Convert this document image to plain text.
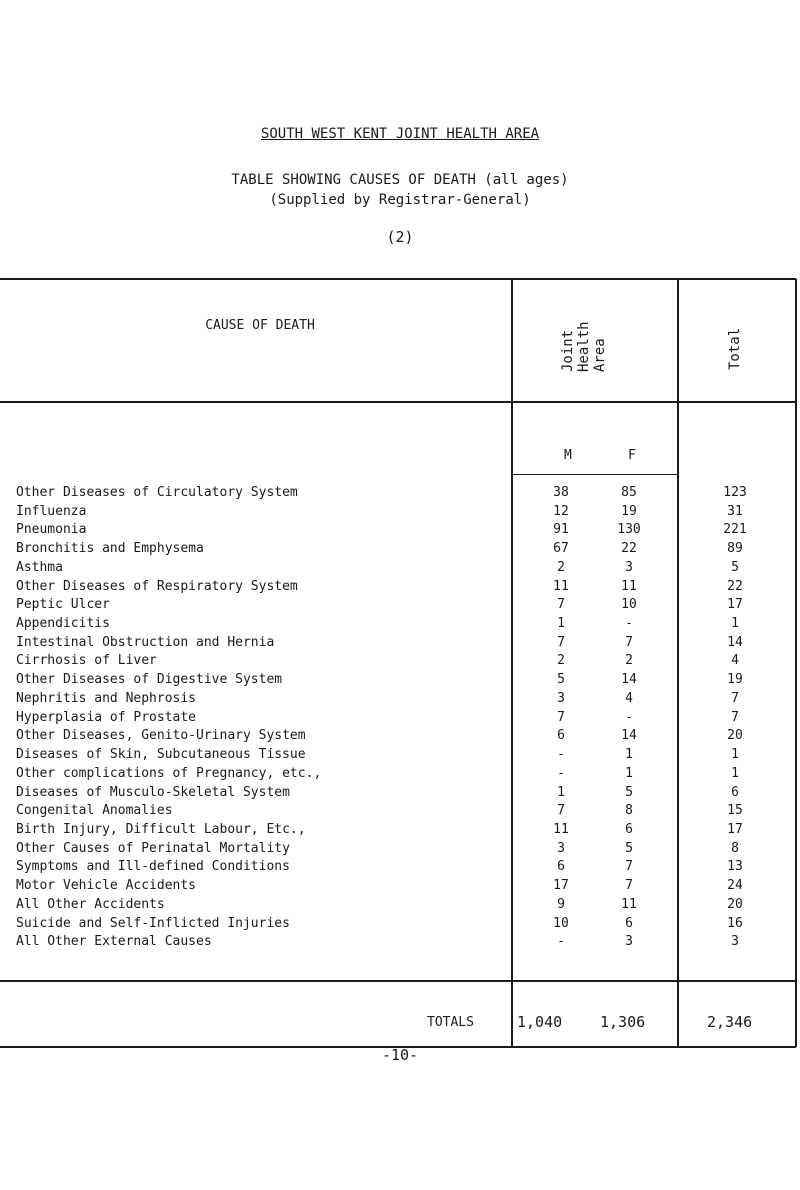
SOUTH WEST KENT JOINT HEALTH AREA
TABLE SHOWING CAUSES OF DEATH (all ages)
(Supplied by Registrar-General)
(2)
CAUSE OF DEATH
Joint Health Area	Total
M	F
Other Diseases of Circulatory System	38	85	123
Influenza	12	19	31
Pneumonia	91	130	221
Bronchitis and Emphysema	67	22	89
Asthma	2	3	5
Other Diseases of Respiratory System	11	11	22
Peptic Ulcer	7	10	17
Appendicitis	1	-	1
Intestinal Obstruction and Hernia	7	7	14
Cirrhosis of Liver	2	2	4
Other Diseases of Digestive System	5	14	19
Nephritis and Nephrosis	3	4	7
Hyperplasia of Prostate	7	-	7
Other Diseases, Genito-Urinary System	6	14	20
Diseases of Skin, Subcutaneous Tissue	-	1	1
Other complications of Pregnancy, etc.,	-	1	1
Diseases of Musculo-Skeletal System	1	5	6
Congenital Anomalies	7	8	15
Birth Injury, Difficult Labour, Etc.,	11	6	17
Other Causes of Perinatal Mortality	3	5	8
Symptoms and Ill-defined Conditions	6	7	13
Motor Vehicle Accidents	17	7	24
All Other Accidents	9	11	20
Suicide and Self-Inflicted Injuries	10	6	16
All Other External Causes	-	3	3
TOTALS	1,040	1,306	2,346
-10-
